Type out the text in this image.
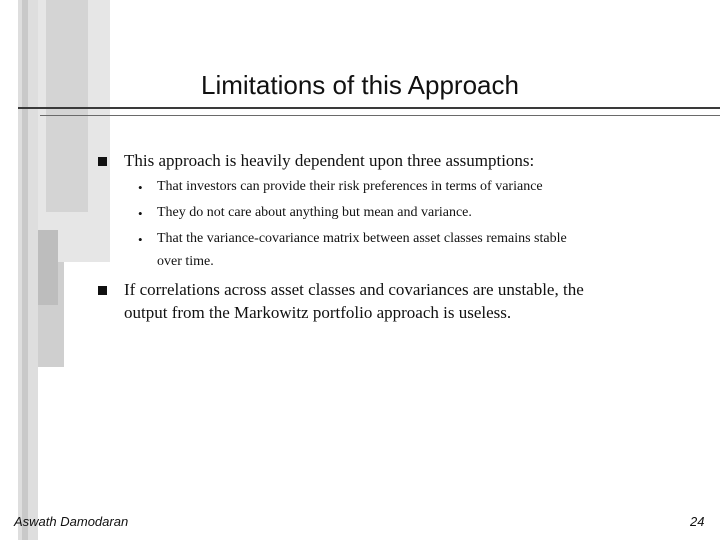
Limitations of this Approach
This approach is heavily dependent upon three assumptions:
• That investors can provide their risk preferences in terms of variance
• They do not care about anything but mean and variance.
• That the variance-covariance matrix between asset classes remains stable
over time.
If correlations across asset classes and covariances are unstable, the
output from the Markowitz portfolio approach is useless.
Aswath Damodaran	24
